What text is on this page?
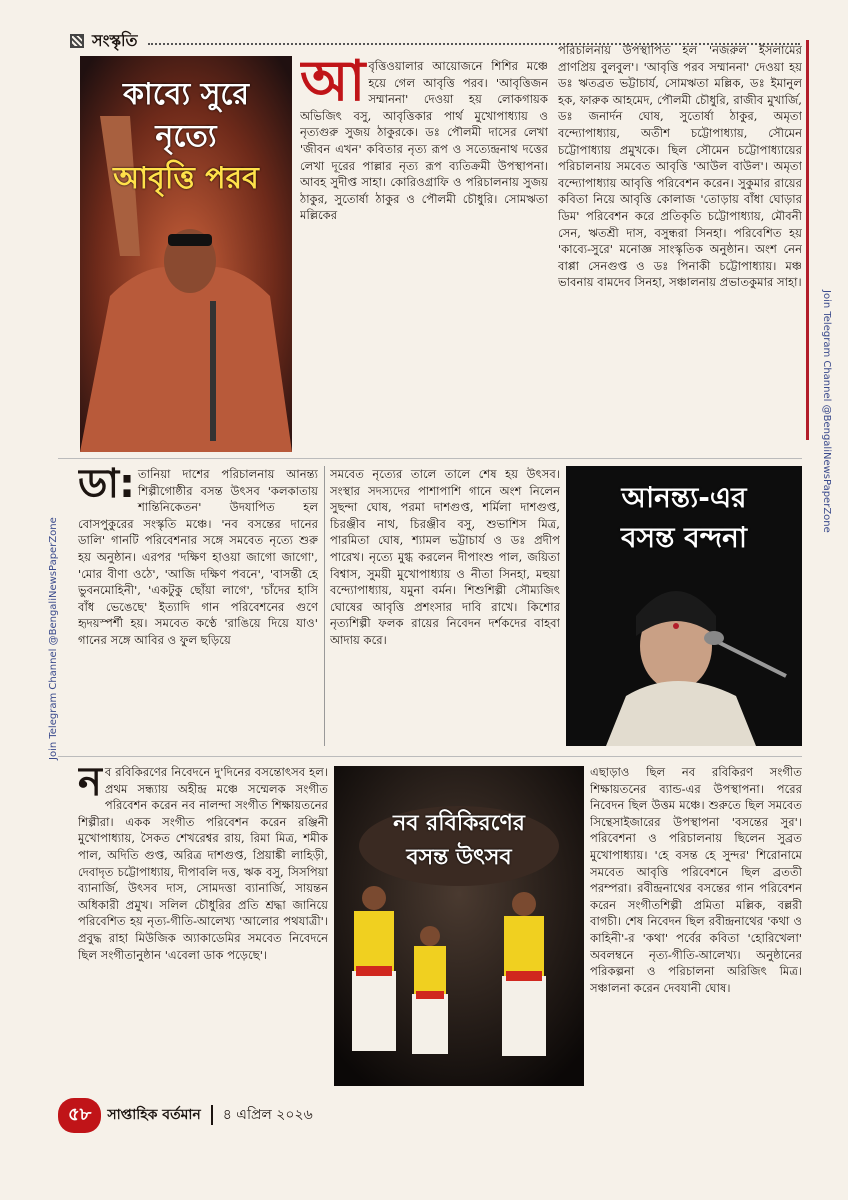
সংস্কৃতি
কাব্যে সুরে
নৃত্যে
আবৃত্তি পরব
আবৃত্তিওয়ালার আয়োজনে শিশির মঞ্চে হয়ে গেল আবৃত্তি পরব। 'আবৃত্তিজন সম্মাননা' দেওয়া হয় লোকগায়ক অভিজিৎ বসু, আবৃত্তিকার পার্থ মুখোপাধ্যায় ও নৃত্যগুরু সুজয় ঠাকুরকে। ডঃ পৌলমী দাসের লেখা 'জীবন এখন' কবিতার নৃত্য রূপ ও সত্যেন্দ্রনাথ দত্তের লেখা দূরের পাল্লার নৃত্য রূপ ব্যতিক্রমী উপস্থাপনা। আবহ সুদীপ্ত সাহা। কোরিওগ্রাফি ও পরিচালনায় সুজয় ঠাকুর, সুতোর্ষা ঠাকুর ও পৌলমী চৌধুরি। সোমঋতা মল্লিকের
পরিচালনায় উপস্থাপিত হল 'নজরুল ইসলামের প্রাণপ্রিয় বুলবুল'। 'আবৃত্তি পরব সম্মাননা' দেওয়া হয় ডঃ ঋতব্রত ভট্টাচার্য, সোমঋতা মল্লিক, ডঃ ইমানুল হক, ফারুক আহমেদ, পৌলমী চৌধুরি, রাজীব মুখার্জি, ডঃ জনার্দন ঘোষ, সুতোর্ষা ঠাকুর, অমৃতা বন্দ্যোপাধ্যায়, অতীশ চট্টোপাধ্যায়, সৌমেন চট্টোপাধ্যায় প্রমুখকে। ছিল সৌমেন চট্টোপাধ্যায়ের পরিচালনায় সমবেত আবৃত্তি 'আউল বাউল'। অমৃতা বন্দ্যোপাধ্যায় আবৃত্তি পরিবেশন করেন। সুকুমার রায়ের কবিতা নিয়ে আবৃত্তি কোলাজ 'তোড়ায় বাঁধা ঘোড়ার ডিম' পরিবেশন করে প্রতিকৃতি চট্টোপাধ্যায়, মৌবনী সেন, ঋতশ্রী দাস, বসুন্ধরা সিনহা। পরিবেশিত হয় 'কাব্যে-সুরে' মনোজ্ঞ সাংস্কৃতিক অনুষ্ঠান। অংশ নেন বাপ্পা সেনগুপ্ত ও ডঃ পিনাকী চট্টোপাধ্যায়। মঞ্চ ভাবনায় বামদেব সিনহা, সঞ্চালনায় প্রভাতকুমার সাহা।
Join Telegram Channel @BengaliNewsPaperZone
ডা: তানিয়া দাশের পরিচালনায় আনন্ত্য শিল্পীগোষ্ঠীর বসন্ত উৎসব 'কলকাতায় শান্তিনিকেতন' উদযাপিত হল বোসপুকুরের সংস্কৃতি মঞ্চে। 'নব বসন্তের দানের ডালি' গানটি পরিবেশনার সঙ্গে সমবেত নৃত্যে শুরু হয় অনুষ্ঠান। এরপর 'দক্ষিণ হাওয়া জাগো জাগো', 'মোর বীণা ওঠে', 'আজি দক্ষিণ পবনে', 'বাসন্তী হে ভুবনমোহিনী', 'একটুকু ছোঁয়া লাগে', 'চাঁদের হাসি বাঁধ ভেঙেছে' ইত্যাদি গান পরিবেশনের গুণে হৃদয়স্পর্শী হয়। সমবেত কণ্ঠে 'রাঙিয়ে দিয়ে যাও' গানের সঙ্গে আবির ও ফুল ছড়িয়ে
সমবেত নৃত্যের তালে তালে শেষ হয় উৎসব। সংস্থার সদস্যদের পাশাপাশি গানে অংশ নিলেন সুছন্দা ঘোষ, পরমা দাশগুপ্ত, শর্মিলা দাশগুপ্ত, চিরঞ্জীব নাথ, চিরঞ্জীব বসু, শুভাশিস মিত্র, পারমিতা ঘোষ, শ্যামল ভট্টাচার্য ও ডঃ প্রদীপ পারেখ। নৃত্যে মুগ্ধ করলেন দীপাংশু পাল, জয়িতা বিশ্বাস, সুময়ী মুখোপাধ্যায় ও নীতা সিনহা, মহুয়া বন্দ্যোপাধ্যায়, যমুনা বর্মন। শিশুশিল্পী সৌম্যজিৎ ঘোষের আবৃত্তি প্রশংসার দাবি রাখে। কিশোর নৃত্যশিল্পী ফলক রায়ের নিবেদন দর্শকদের বাহবা আদায় করে।
আনন্ত্য-এর
বসন্ত বন্দনা
Join Telegram Channel @BengaliNewsPaperZone
নব রবিকিরণের নিবেদনে দু'দিনের বসন্তোৎসব হল। প্রথম সন্ধ্যায় অহীন্দ্র মঞ্চে সম্মেলক সংগীত পরিবেশন করেন নব নালন্দা সংগীত শিক্ষায়তনের শিল্পীরা। একক সংগীত পরিবেশন করেন রঞ্জিনী মুখোপাধ্যায়, সৈকত শেখরেশ্বর রায়, রিমা মিত্র, শমীক পাল, অদিতি গুপ্ত, অরিত্র দাশগুপ্ত, প্রিয়াঙ্কী লাহিড়ী, দেবাদৃত চট্টোপাধ্যায়, দীপাবলি দত্ত, ঋক বসু, সিসপিয়া ব্যানার্জি, উৎসব দাস, সোমদত্তা ব্যানার্জি, সায়ন্তন অধিকারী প্রমুখ। সলিল চৌধুরির প্রতি শ্রদ্ধা জানিয়ে পরিবেশিত হয় নৃত্য-গীতি-আলেখ্য 'আলোর পথযাত্রী'। প্রবুদ্ধ রাহা মিউজিক অ্যাকাডেমির সমবেত নিবেদনে ছিল সংগীতানুষ্ঠান 'এবেলা ডাক পড়েছে'।
নব রবিকিরণের
বসন্ত উৎসব
এছাড়াও ছিল নব রবিকিরণ সংগীত শিক্ষায়তনের ব্যান্ড-এর উপস্থাপনা। পরের নিবেদন ছিল উত্তম মঞ্চে। শুরুতে ছিল সমবেত সিন্থেসাইজারের উপস্থাপনা 'বসন্তের সুর'। পরিবেশনা ও পরিচালনায় ছিলেন সুব্রত মুখোপাধ্যায়। 'হে বসন্ত হে সুন্দর' শিরোনামে সমবেত আবৃত্তি পরিবেশনে ছিল ব্রততী পরম্পরা। রবীন্দ্রনাথের বসন্তের গান পরিবেশন করেন সংগীতশিল্পী প্রমিতা মল্লিক, বল্লরী বাগচী। শেষ নিবেদন ছিল রবীন্দ্রনাথের 'কথা ও কাহিনী'-র 'কথা' পর্বের কবিতা 'হোরিখেলা' অবলম্বনে নৃত্য-গীতি-আলেখ্য। অনুষ্ঠানের পরিকল্পনা ও পরিচালনা অরিজিৎ মিত্র। সঞ্চালনা করেন দেবযানী ঘোষ।
৫৮	সাপ্তাহিক বর্তমান ৪ এপ্রিল ২০২৬
